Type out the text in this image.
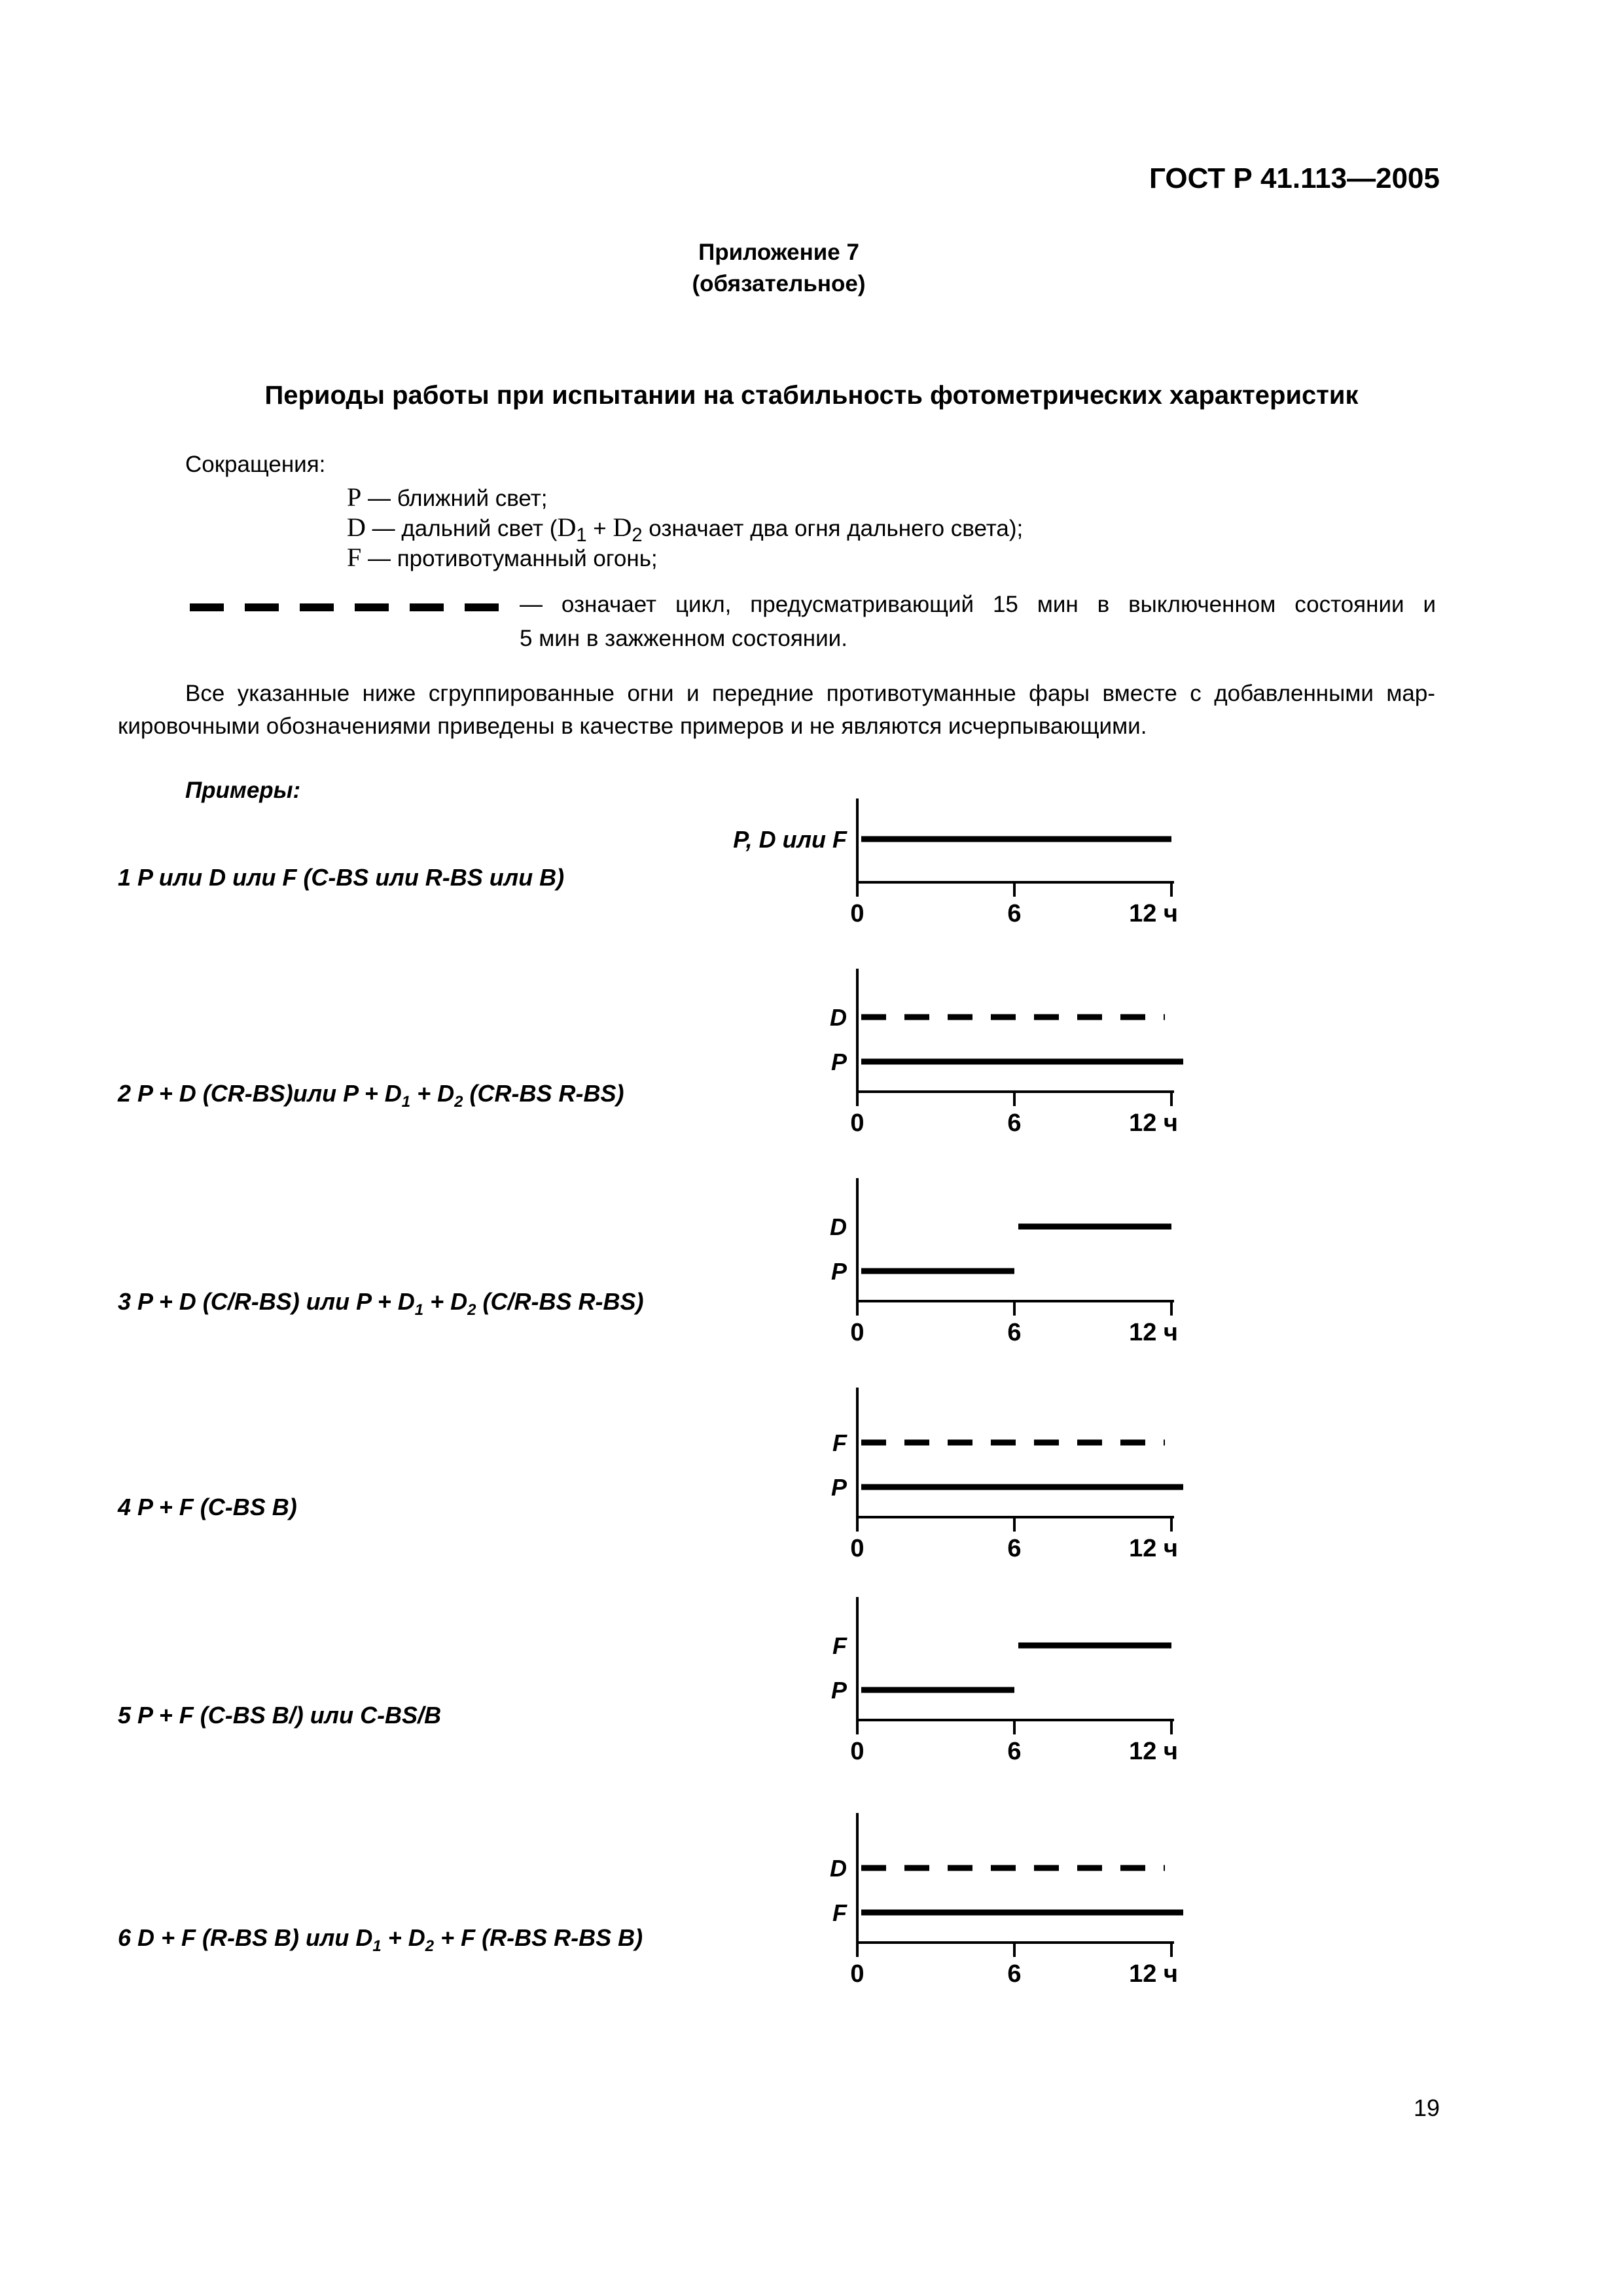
ГОСТ Р 41.113—2005
Приложение 7
(обязательное)
Периоды работы при испытании на стабильность фотометрических характеристик
Сокращения:
P — ближний свет;
D — дальний свет ($D_1 + D_2$ означает два огня дальнего света);
F — противотуманный огонь;
— означает цикл, предусматривающий 15 мин в выключенном состоянии и
5 мин в зажженном состоянии.
Все указанные ниже сгруппированные огни и передние противотуманные фары вместе с добавленными мар-
кировочными обозначениями приведены в качестве примеров и не являются исчерпывающими.
Примеры:
1 P или D или F (C-BS или R-BS или B)
2 P + D (CR-BS)или $P + D_1 + D_2$ (CR-BS R-BS)
3 P + D (C/R-BS) или $P + D_1 + D_2$ (C/R-BS R-BS)
4 P + F (C-BS B)
5 P + F (C-BS B/) или C-BS/B
6 D + F (R-BS B) или $D_1 + D_2 + F$ (R-BS R-BS B)
0	6	12 ч
P, D или F
0	6	12 ч
D
P
0	6	12 ч
D
P
0	6	12 ч
F
P
0	6	12 ч
F
P
0	6	12 ч
D
F
19
